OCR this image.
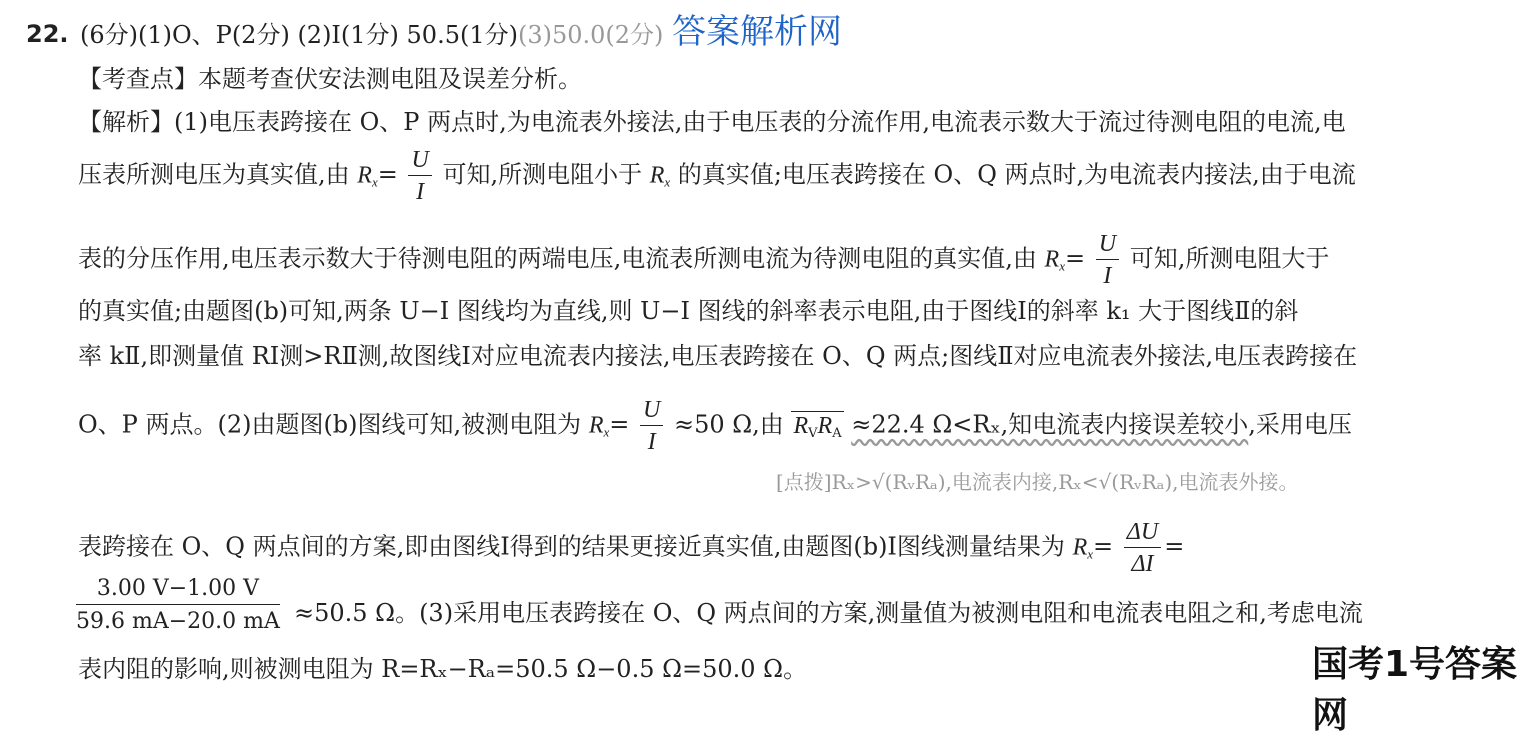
22. (6分)(1)O、P(2分) (2)Ⅰ(1分) 50.5(1分)(3)50.0(2分) 答案解析网
【考查点】本题考查伏安法测电阻及误差分析。
【解析】(1)电压表跨接在 O、P 两点时,为电流表外接法,由于电压表的分流作用,电流表示数大于流过待测电阻的电流,电
压表所测电压为真实值,由 $R_x= \frac{U}{I}$ 可知,所测电阻小于 $R_x$ 的真实值;电压表跨接在 O、Q 两点时,为电流表内接法,由于电流
表的分压作用,电压表示数大于待测电阻的两端电压,电流表所测电流为待测电阻的真实值,由 $R_x= \frac{U}{I}$ 可知,所测电阻大于
的真实值;由题图(b)可知,两条 U−I 图线均为直线,则 U−I 图线的斜率表示电阻,由于图线Ⅰ的斜率 k₁ 大于图线Ⅱ的斜
率 kⅡ,即测量值 RⅠ测>RⅡ测,故图线Ⅰ对应电流表内接法,电压表跨接在 O、Q 两点;图线Ⅱ对应电流表外接法,电压表跨接在
O、P 两点。(2)由题图(b)图线可知,被测电阻为 $R_x= \frac{U}{I} \approx 50$ Ω,由 $R_VR_A \approx 22.4$ Ω<Rₓ,知电流表内接误差较小,采用电压
[点拨]Rₓ>√(RᵥRₐ),电流表内接,Rₓ<√(RᵥRₐ),电流表外接。
表跨接在 O、Q 两点间的方案,即由图线Ⅰ得到的结果更接近真实值,由题图(b)Ⅰ图线测量结果为 $R_x= \frac{\Delta U}{\Delta I}$ =
$\frac{3.00 V-1.00 V}{59.6 mA-20.0 mA} \approx 50.5$ Ω。(3)采用电压表跨接在 O、Q 两点间的方案,测量值为被测电阻和电流表电阻之和,考虑电流
表内阻的影响,则被测电阻为 R=Rₓ−Rₐ=50.5 Ω−0.5 Ω=50.0 Ω。	国考1号答案网
